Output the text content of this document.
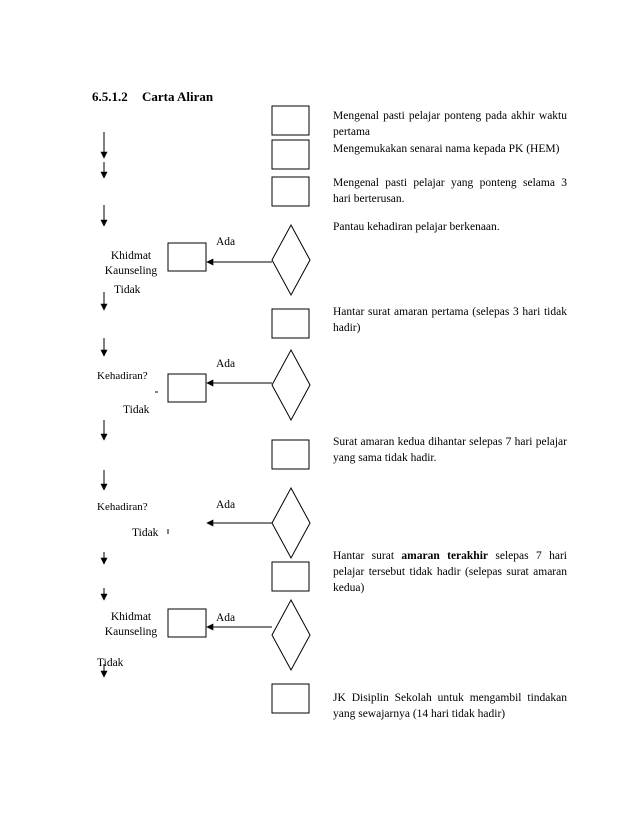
6.5.1.2 Carta Aliran
Mengenal pasti pelajar ponteng pada akhir waktu pertama
Mengemukakan senarai nama kepada PK (HEM)
Mengenal pasti pelajar yang ponteng selama 3 hari berterusan.
Pantau kehadiran pelajar berkenaan.
Hantar surat amaran pertama (selepas 3 hari tidak hadir)
Surat amaran kedua dihantar selepas 7 hari pelajar yang sama tidak hadir.
Hantar surat amaran terakhir selepas 7 hari pelajar tersebut tidak hadir (selepas surat amaran kedua)
JK Disiplin Sekolah untuk mengambil tindakan yang sewajarnya (14 hari tidak hadir)
Ada
Ada
Ada
Ada
Khidmat
Kaunseling
Tidak
Kehadiran?
Tidak
Kehadiran?
Tidak
Khidmat
Kaunseling
Tidak
